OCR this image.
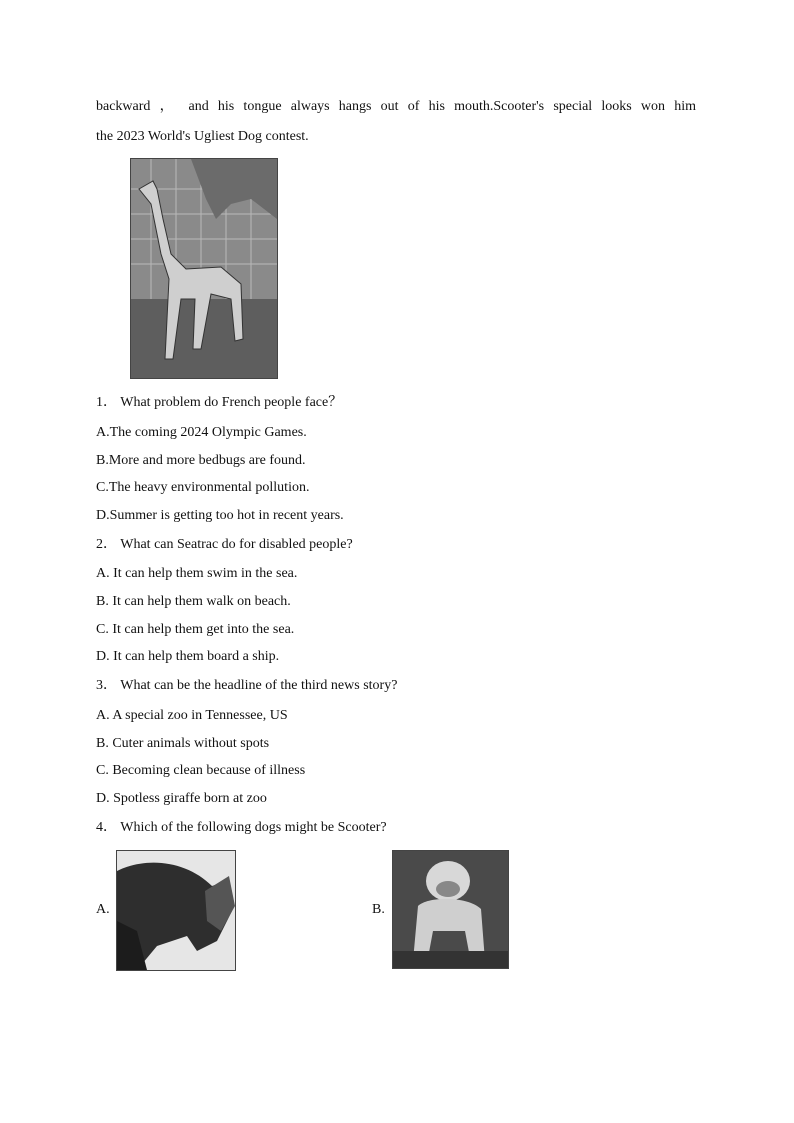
backward ， and his tongue always hangs out of his mouth.Scooter's special looks won him
the 2023 World's Ugliest Dog contest.
1． What problem do French people face？
A.The coming 2024 Olympic Games.
B.More and more bedbugs are found.
C.The heavy environmental pollution.
D.Summer is getting too hot in recent years.
2． What can Seatrac do for disabled people?
A. It can help them swim in the sea.
B. It can help them walk on beach.
C. It can help them get into the sea.
D. It can help them board a ship.
3． What can be the headline of the third news story?
A. A special zoo in Tennessee, US
B. Cuter animals without spots
C. Becoming clean because of illness
D. Spotless giraffe born at zoo
4． Which of the following dogs might be Scooter?
A.	B.
